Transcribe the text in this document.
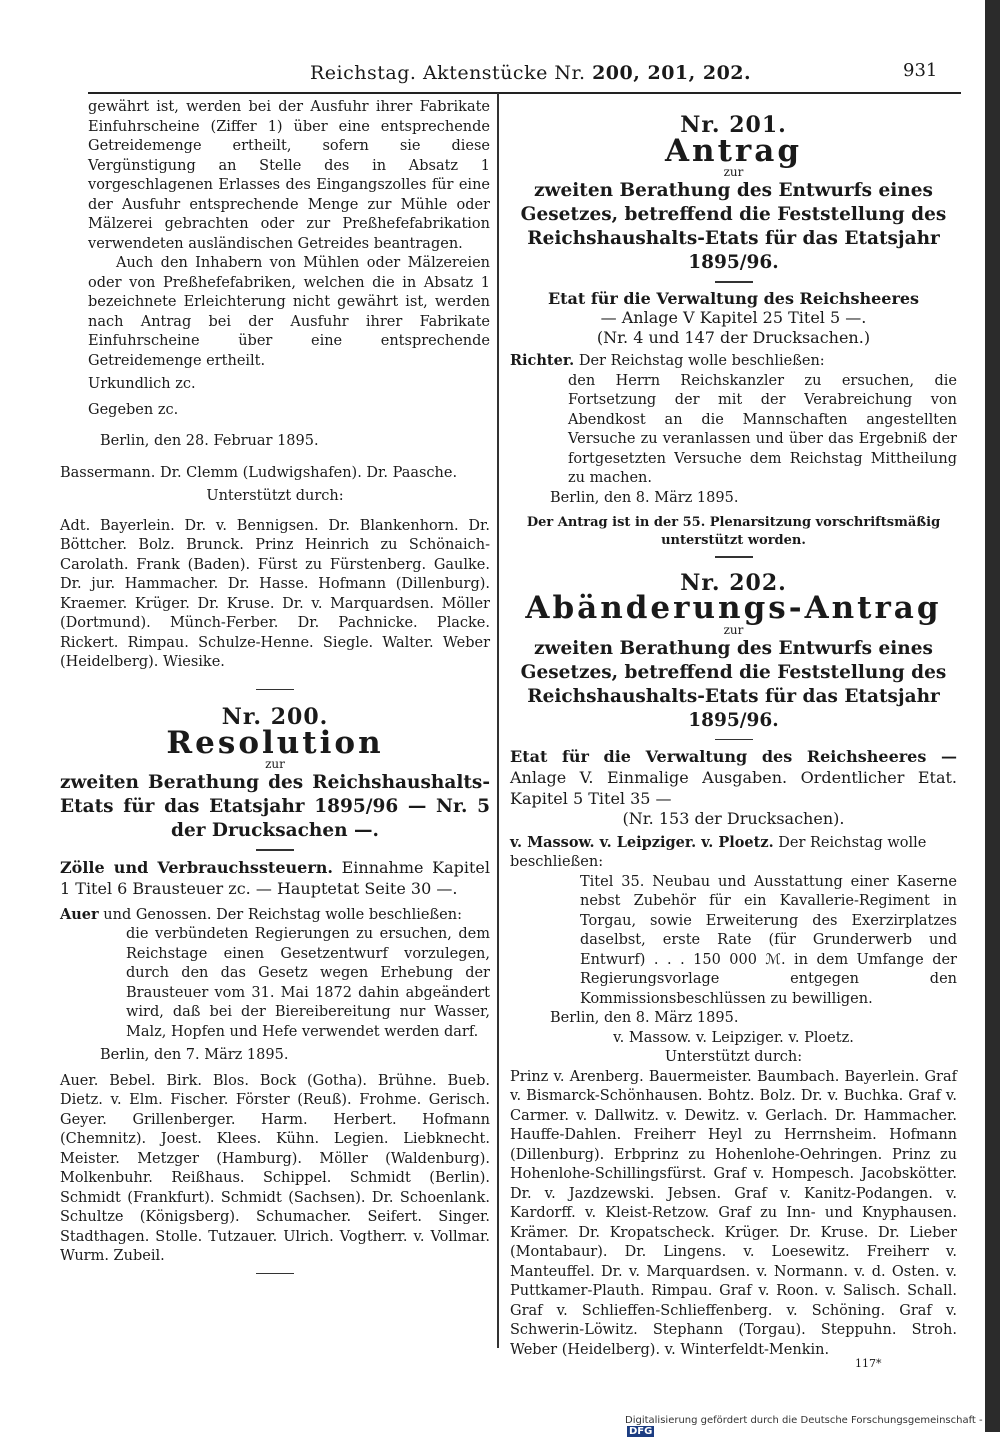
Reichstag. Aktenstücke Nr. 200, 201, 202.	931

gewährt ist, werden bei der Ausfuhr ihrer Fabrikate Einfuhrscheine (Ziffer 1) über eine entsprechende Getreidemenge ertheilt, sofern sie diese Vergünstigung an Stelle des in Absatz 1 vorgeschlagenen Erlasses des Eingangszolles für eine der Ausfuhr entsprechende Menge zur Mühle oder Mälzerei gebrachten oder zur Preßhefefabrikation verwendeten ausländischen Getreides beantragen.

Auch den Inhabern von Mühlen oder Mälzereien oder von Preßhefefabriken, welchen die in Absatz 1 bezeichnete Erleichterung nicht gewährt ist, werden nach Antrag bei der Ausfuhr ihrer Fabrikate Einfuhrscheine über eine entsprechende Getreidemenge ertheilt.

Urkundlich zc.

Gegeben zc.

Berlin, den 28. Februar 1895.

Bassermann. Dr. Clemm (Ludwigshafen). Dr. Paasche.

Unterstützt durch:

Adt. Bayerlein. Dr. v. Bennigsen. Dr. Blankenhorn. Dr. Böttcher. Bolz. Brunck. Prinz Heinrich zu Schönaich-Carolath. Frank (Baden). Fürst zu Fürstenberg. Gaulke. Dr. jur. Hammacher. Dr. Hasse. Hofmann (Dillenburg). Kraemer. Krüger. Dr. Kruse. Dr. v. Marquardsen. Möller (Dortmund). Münch-Ferber. Dr. Pachnicke. Placke. Rickert. Rimpau. Schulze-Henne. Siegle. Walter. Weber (Heidelberg). Wiesike.

Nr. 200.

Resolution

zur

zweiten Berathung des Reichshaushalts-Etats für das Etatsjahr 1895/96 — Nr. 5 der Drucksachen —.

Zölle und Verbrauchssteuern. Einnahme Kapitel 1 Titel 6 Brausteuer zc. — Hauptetat Seite 30 —.

Auer und Genossen. Der Reichstag wolle beschließen:

die verbündeten Regierungen zu ersuchen, dem Reichstage einen Gesetzentwurf vorzulegen, durch den das Gesetz wegen Erhebung der Brausteuer vom 31. Mai 1872 dahin abgeändert wird, daß bei der Biereibereitung nur Wasser, Malz, Hopfen und Hefe verwendet werden darf.

Berlin, den 7. März 1895.

Auer. Bebel. Birk. Blos. Bock (Gotha). Brühne. Bueb. Dietz. v. Elm. Fischer. Förster (Reuß). Frohme. Gerisch. Geyer. Grillenberger. Harm. Herbert. Hofmann (Chemnitz). Joest. Klees. Kühn. Legien. Liebknecht. Meister. Metzger (Hamburg). Möller (Waldenburg). Molkenbuhr. Reißhaus. Schippel. Schmidt (Berlin). Schmidt (Frankfurt). Schmidt (Sachsen). Dr. Schoenlank. Schultze (Königsberg). Schumacher. Seifert. Singer. Stadthagen. Stolle. Tutzauer. Ulrich. Vogtherr. v. Vollmar. Wurm. Zubeil.

Nr. 201.

Antrag

zur

zweiten Berathung des Entwurfs eines Gesetzes, betreffend die Feststellung des Reichshaushalts-Etats für das Etatsjahr 1895/96.

Etat für die Verwaltung des Reichsheeres

— Anlage V Kapitel 25 Titel 5 —.

(Nr. 4 und 147 der Drucksachen.)

Richter. Der Reichstag wolle beschließen:

den Herrn Reichskanzler zu ersuchen, die Fortsetzung der mit der Verabreichung von Abendkost an die Mannschaften angestellten Versuche zu veranlassen und über das Ergebniß der fortgesetzten Versuche dem Reichstag Mittheilung zu machen.

Berlin, den 8. März 1895.

Der Antrag ist in der 55. Plenarsitzung vorschriftsmäßig unterstützt worden.

Nr. 202.

Abänderungs-Antrag

zur

zweiten Berathung des Entwurfs eines Gesetzes, betreffend die Feststellung des Reichshaushalts-Etats für das Etatsjahr 1895/96.

Etat für die Verwaltung des Reichsheeres — Anlage V. Einmalige Ausgaben. Ordentlicher Etat. Kapitel 5 Titel 35 —

(Nr. 153 der Drucksachen).

v. Massow. v. Leipziger. v. Ploetz. Der Reichstag wolle beschließen:

Titel 35. Neubau und Ausstattung einer Kaserne nebst Zubehör für ein Kavallerie-Regiment in Torgau, sowie Erweiterung des Exerzirplatzes daselbst, erste Rate (für Grunderwerb und Entwurf) . . . 150 000 ℳ. in dem Umfange der Regierungsvorlage entgegen den Kommissionsbeschlüssen zu bewilligen.

Berlin, den 8. März 1895.

v. Massow. v. Leipziger. v. Ploetz.

Unterstützt durch:

Prinz v. Arenberg. Bauermeister. Baumbach. Bayerlein. Graf v. Bismarck-Schönhausen. Bohtz. Bolz. Dr. v. Buchka. Graf v. Carmer. v. Dallwitz. v. Dewitz. v. Gerlach. Dr. Hammacher. Hauffe-Dahlen. Freiherr Heyl zu Herrnsheim. Hofmann (Dillenburg). Erbprinz zu Hohenlohe-Oehringen. Prinz zu Hohenlohe-Schillingsfürst. Graf v. Hompesch. Jacobskötter. Dr. v. Jazdzewski. Jebsen. Graf v. Kanitz-Podangen. v. Kardorff. v. Kleist-Retzow. Graf zu Inn- und Knyphausen. Krämer. Dr. Kropatscheck. Krüger. Dr. Kruse. Dr. Lieber (Montabaur). Dr. Lingens. v. Loesewitz. Freiherr v. Manteuffel. Dr. v. Marquardsen. v. Normann. v. d. Osten. v. Puttkamer-Plauth. Rimpau. Graf v. Roon. v. Salisch. Schall. Graf v. Schlieffen-Schlieffenberg. v. Schöning. Graf v. Schwerin-Löwitz. Stephann (Torgau). Steppuhn. Stroh. Weber (Heidelberg). v. Winterfeldt-Menkin.

117*
Digitalisierung gefördert durch die Deutsche Forschungsgemeinschaft -DFG
